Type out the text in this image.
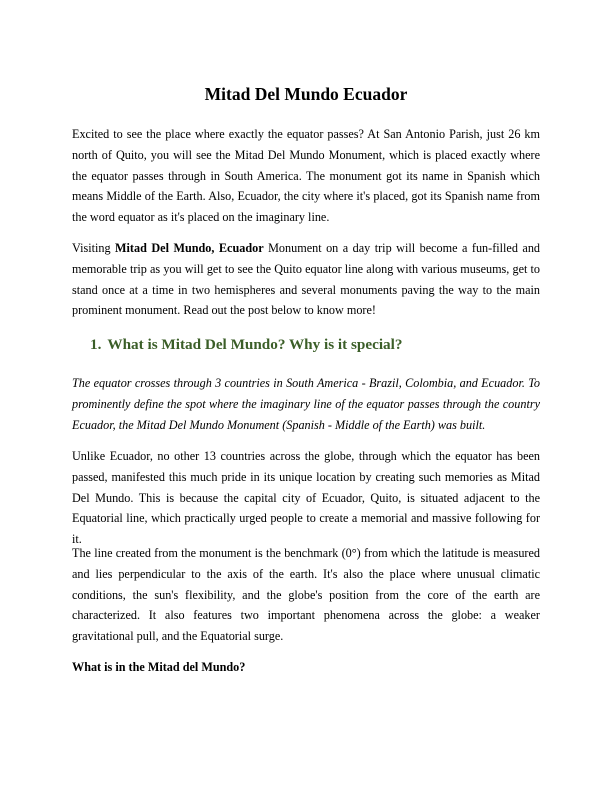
Mitad Del Mundo Ecuador

Excited to see the place where exactly the equator passes? At San Antonio Parish, just 26 km north of Quito, you will see the Mitad Del Mundo Monument, which is placed exactly where the equator passes through in South America. The monument got its name in Spanish which means Middle of the Earth. Also, Ecuador, the city where it's placed, got its Spanish name from the word equator as it's placed on the imaginary line.

Visiting Mitad Del Mundo, Ecuador Monument on a day trip will become a fun-filled and memorable trip as you will get to see the Quito equator line along with various museums, get to stand once at a time in two hemispheres and several monuments paving the way to the main prominent monument. Read out the post below to know more!

1. What is Mitad Del Mundo? Why is it special?

The equator crosses through 3 countries in South America - Brazil, Colombia, and Ecuador. To prominently define the spot where the imaginary line of the equator passes through the country Ecuador, the Mitad Del Mundo Monument (Spanish - Middle of the Earth) was built.

Unlike Ecuador, no other 13 countries across the globe, through which the equator has been passed, manifested this much pride in its unique location by creating such memories as Mitad Del Mundo. This is because the capital city of Ecuador, Quito, is situated adjacent to the Equatorial line, which practically urged people to create a memorial and massive following for it.

The line created from the monument is the benchmark (0°) from which the latitude is measured and lies perpendicular to the axis of the earth. It's also the place where unusual climatic conditions, the sun's flexibility, and the globe's position from the core of the earth are characterized. It also features two important phenomena across the globe: a weaker gravitational pull, and the Equatorial surge.

What is in the Mitad del Mundo?
